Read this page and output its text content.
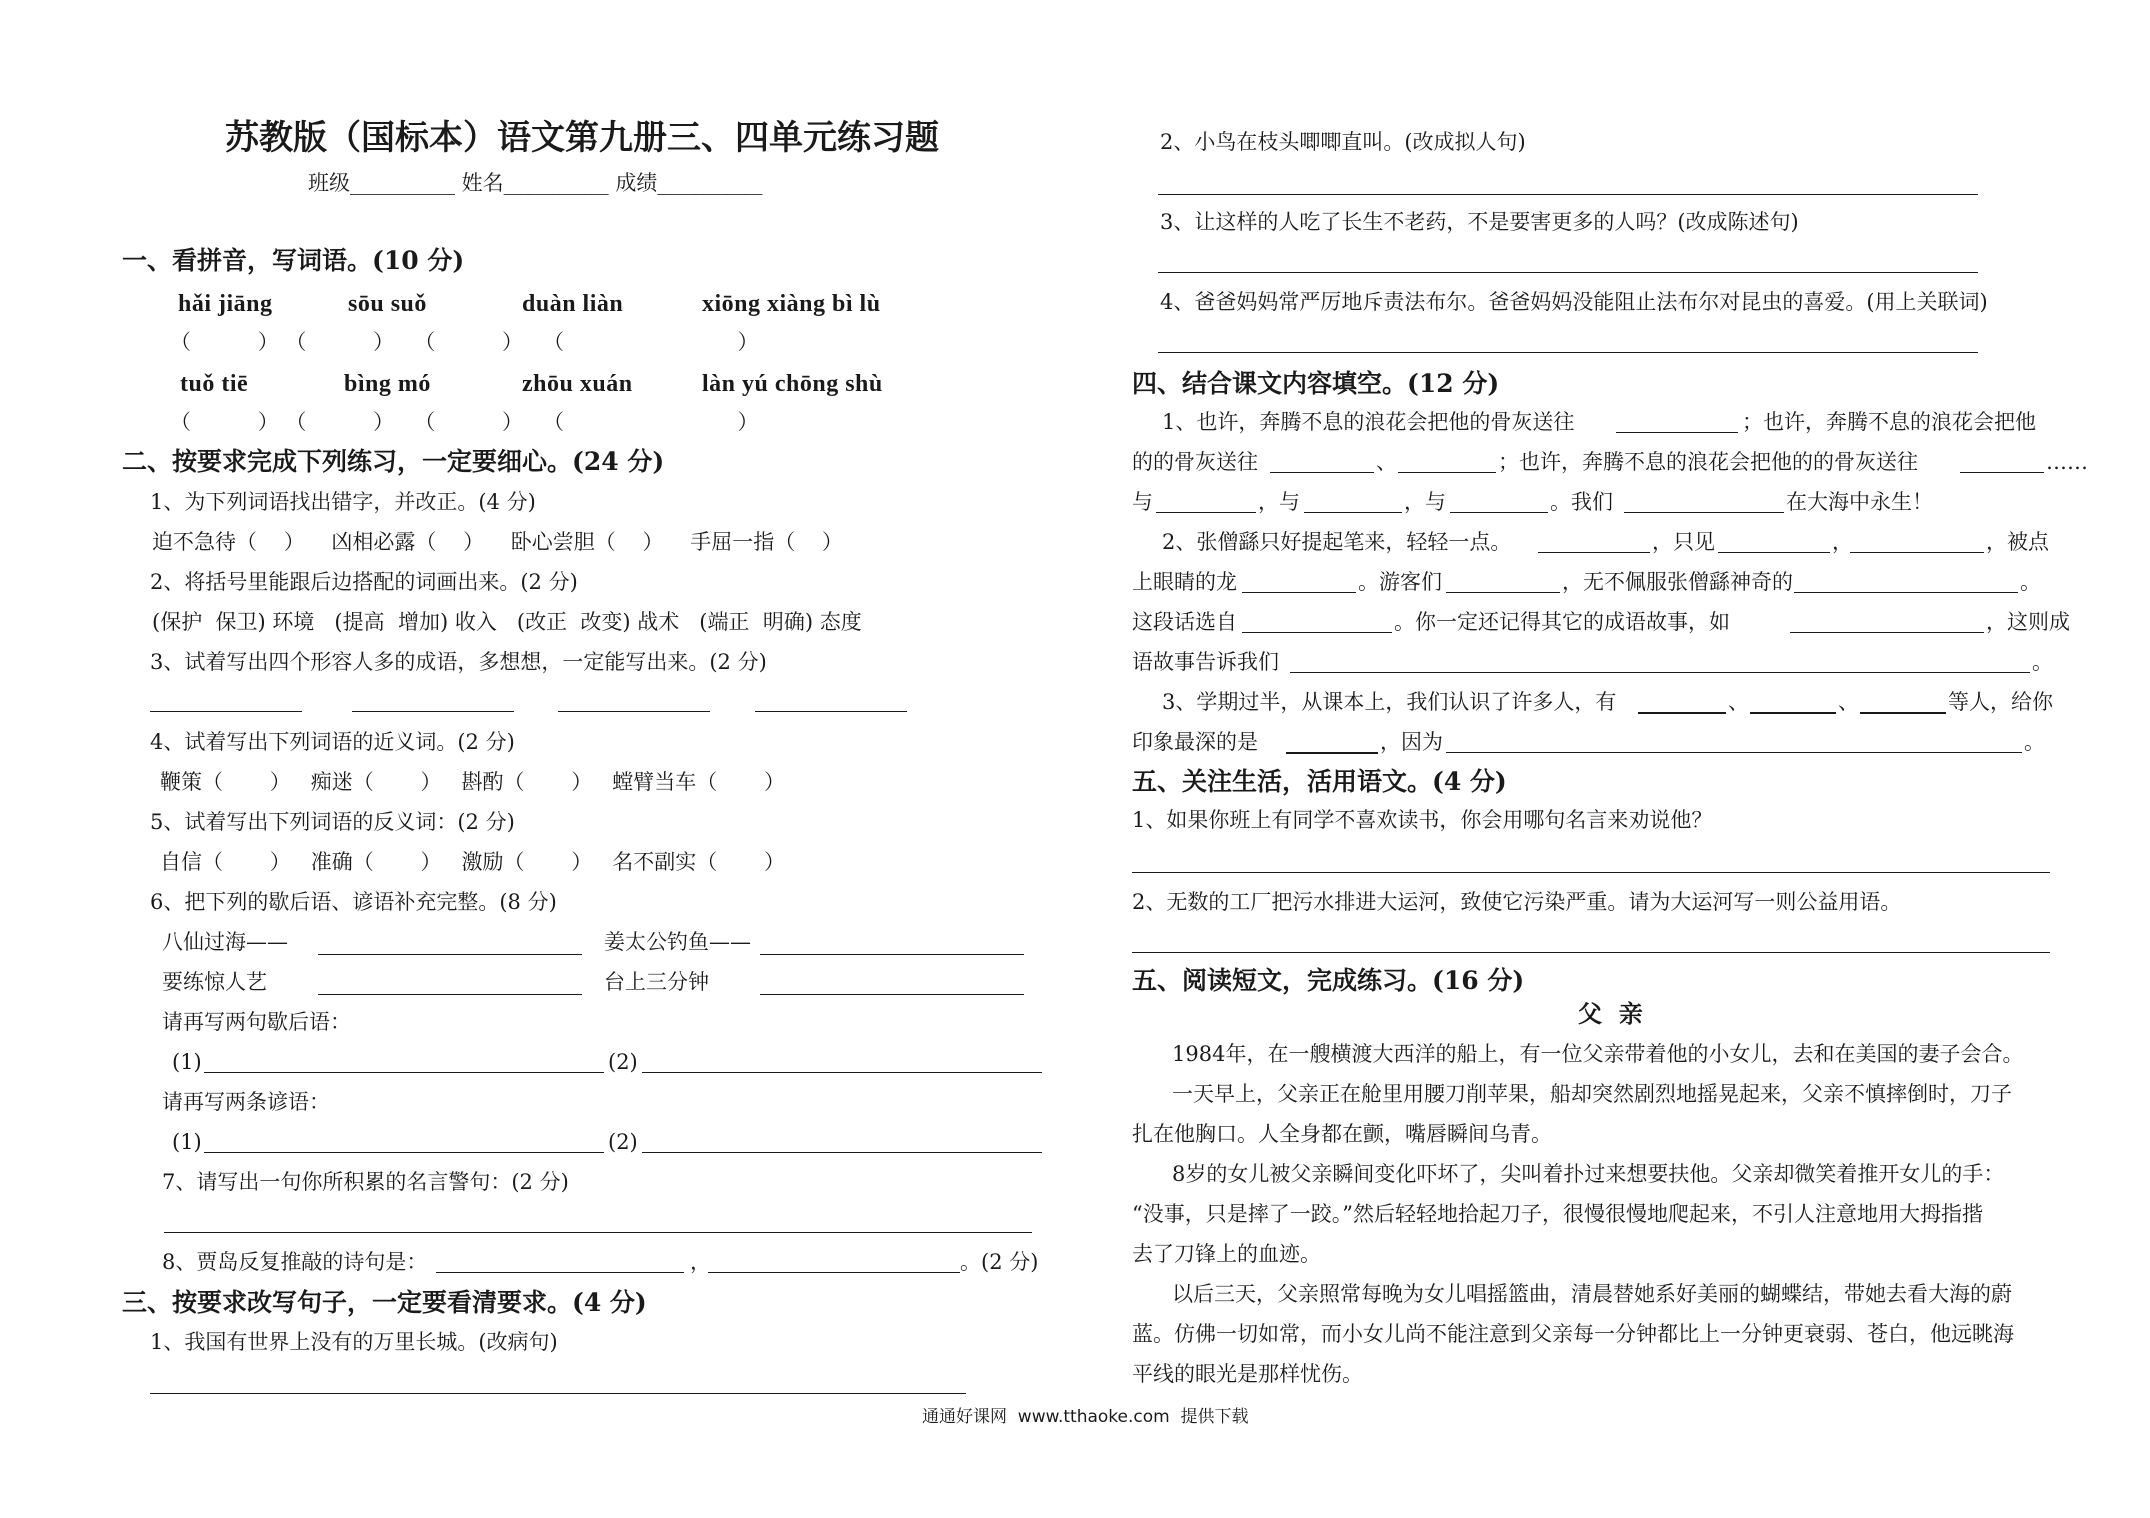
苏教版（国标本）语文第九册三、四单元练习题
班级__________ 姓名__________ 成绩__________
一、看拼音，写词语。(10 分)
hǎi jiāng	sōu suǒ	duàn liàn	xiōng xiàng bì lù
（          ） （          ）   （          ）   （                          ）
tuǒ tiē	bìng mó	zhōu xuán	làn yú chōng shù
（          ） （          ）   （          ）   （                          ）
二、按要求完成下列练习，一定要细心。(24 分)
1、为下列词语找出错字，并改正。(4 分)
迫不急待（    ）    凶相必露（    ）    卧心尝胆（    ）    手屈一指（    ）
2、将括号里能跟后边搭配的词画出来。(2 分)
(保护  保卫) 环境   (提高  增加) 收入   (改正  改变) 战术   (端正  明确) 态度
3、试着写出四个形容人多的成语，多想想，一定能写出来。(2 分)
4、试着写出下列词语的近义词。(2 分)
鞭策（       ）   痴迷（       ）   斟酌（       ）   螳臂当车（       ）
5、试着写出下列词语的反义词：(2 分)
自信（       ）   准确（       ）   激励（       ）   名不副实（       ）
6、把下列的歇后语、谚语补充完整。(8 分)
八仙过海——	姜太公钓鱼——
要练惊人艺	台上三分钟
请再写两句歇后语：
(1)	(2)
请再写两条谚语：
(1)	(2)
7、请写出一句你所积累的名言警句：(2 分)
8、贾岛反复推敲的诗句是：	，	。(2 分)
三、按要求改写句子，一定要看清要求。(4 分)
1、我国有世界上没有的万里长城。(改病句)
2、小鸟在枝头唧唧直叫。(改成拟人句)
3、让这样的人吃了长生不老药，不是要害更多的人吗？(改成陈述句)
4、爸爸妈妈常严厉地斥责法布尔。爸爸妈妈没能阻止法布尔对昆虫的喜爱。(用上关联词)
四、结合课文内容填空。(12 分)
1、也许，奔腾不息的浪花会把他的骨灰送往	；也许，奔腾不息的浪花会把他
的的骨灰送往	、	；也许，奔腾不息的浪花会把他的的骨灰送往	……
与	，与	，与	。我们	在大海中永生！
2、张僧繇只好提起笔来，轻轻一点。	，只见	，	，被点
上眼睛的龙	。游客们	，无不佩服张僧繇神奇的	。
这段话选自	。你一定还记得其它的成语故事，如	，这则成
语故事告诉我们	。
3、学期过半，从课本上，我们认识了许多人，有	、	、	等人，给你
印象最深的是	，因为	。
五、关注生活，活用语文。(4 分)
1、如果你班上有同学不喜欢读书，你会用哪句名言来劝说他？
2、无数的工厂把污水排进大运河，致使它污染严重。请为大运河写一则公益用语。
五、阅读短文，完成练习。(16 分)
父  亲
1984年，在一艘横渡大西洋的船上，有一位父亲带着他的小女儿，去和在美国的妻子会合。
一天早上，父亲正在舱里用腰刀削苹果，船却突然剧烈地摇晃起来，父亲不慎摔倒时，刀子
扎在他胸口。人全身都在颤，嘴唇瞬间乌青。
8岁的女儿被父亲瞬间变化吓坏了，尖叫着扑过来想要扶他。父亲却微笑着推开女儿的手：
“没事，只是摔了一跤。”然后轻轻地拾起刀子，很慢很慢地爬起来，不引人注意地用大拇指揩
去了刀锋上的血迹。
以后三天，父亲照常每晚为女儿唱摇篮曲，清晨替她系好美丽的蝴蝶结，带她去看大海的蔚
蓝。仿佛一切如常，而小女儿尚不能注意到父亲每一分钟都比上一分钟更衰弱、苍白，他远眺海
平线的眼光是那样忧伤。
通通好课网  www.tthaoke.com  提供下载
